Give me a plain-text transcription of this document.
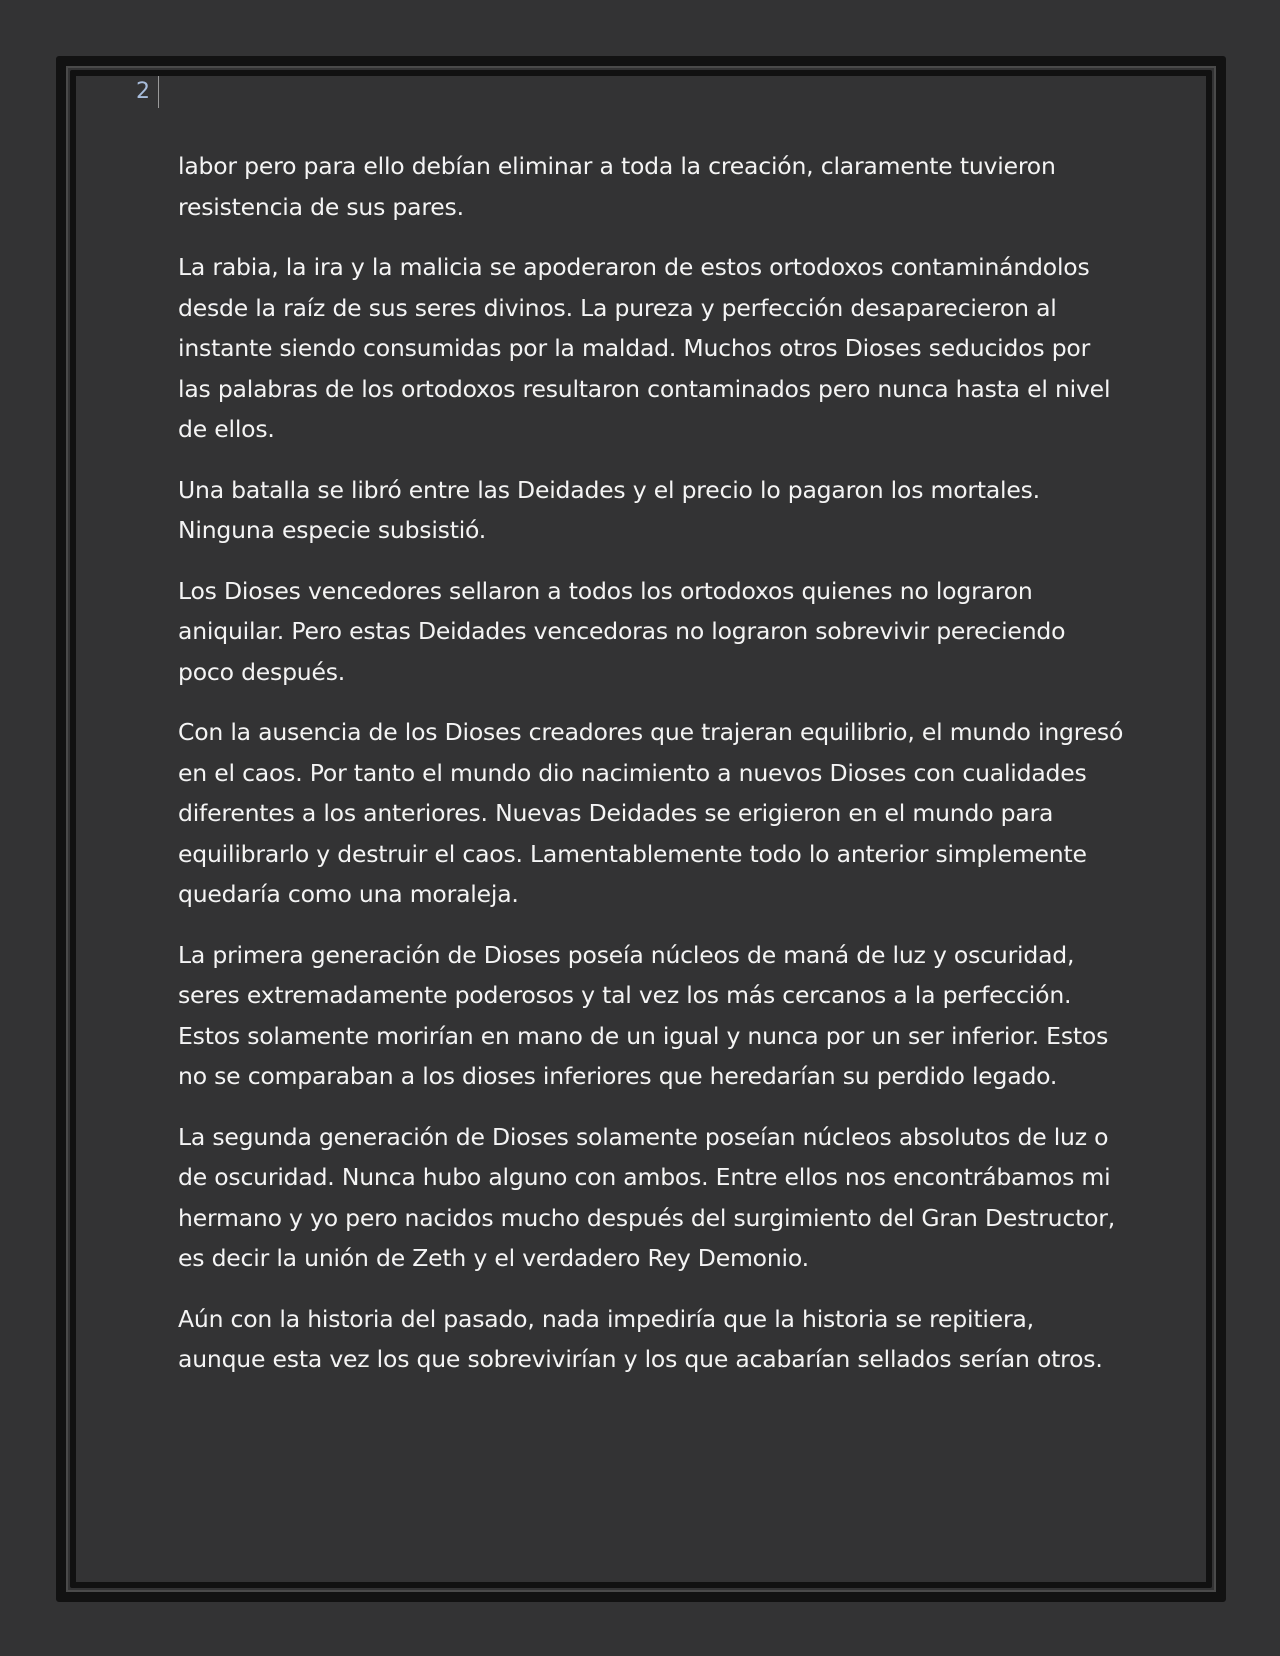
2

labor pero para ello debían eliminar a toda la creación, claramente tuvieron resistencia de sus pares.

La rabia, la ira y la malicia se apoderaron de estos ortodoxos contaminándolos desde la raíz de sus seres divinos. La pureza y perfección desaparecieron al instante siendo consumidas por la maldad. Muchos otros Dioses seducidos por las palabras de los ortodoxos resultaron contaminados pero nunca hasta el nivel de ellos.

Una batalla se libró entre las Deidades y el precio lo pagaron los mortales. Ninguna especie subsistió.

Los Dioses vencedores sellaron a todos los ortodoxos quienes no lograron aniquilar. Pero estas Deidades vencedoras no lograron sobrevivir pereciendo poco después.

Con la ausencia de los Dioses creadores que trajeran equilibrio, el mundo ingresó en el caos. Por tanto el mundo dio nacimiento a nuevos Dioses con cualidades diferentes a los anteriores. Nuevas Deidades se erigieron en el mundo para equilibrarlo y destruir el caos. Lamentablemente todo lo anterior simplemente quedaría como una moraleja.

La primera generación de Dioses poseía núcleos de maná de luz y oscuridad, seres extremadamente poderosos y tal vez los más cercanos a la perfección. Estos solamente morirían en mano de un igual y nunca por un ser inferior. Estos no se comparaban a los dioses inferiores que heredarían su perdido legado.

La segunda generación de Dioses solamente poseían núcleos absolutos de luz o de oscuridad. Nunca hubo alguno con ambos. Entre ellos nos encontrábamos mi hermano y yo pero nacidos mucho después del surgimiento del Gran Destructor, es decir la unión de Zeth y el verdadero Rey Demonio.

Aún con la historia del pasado, nada impediría que la historia se repitiera, aunque esta vez los que sobrevivirían y los que acabarían sellados serían otros.
